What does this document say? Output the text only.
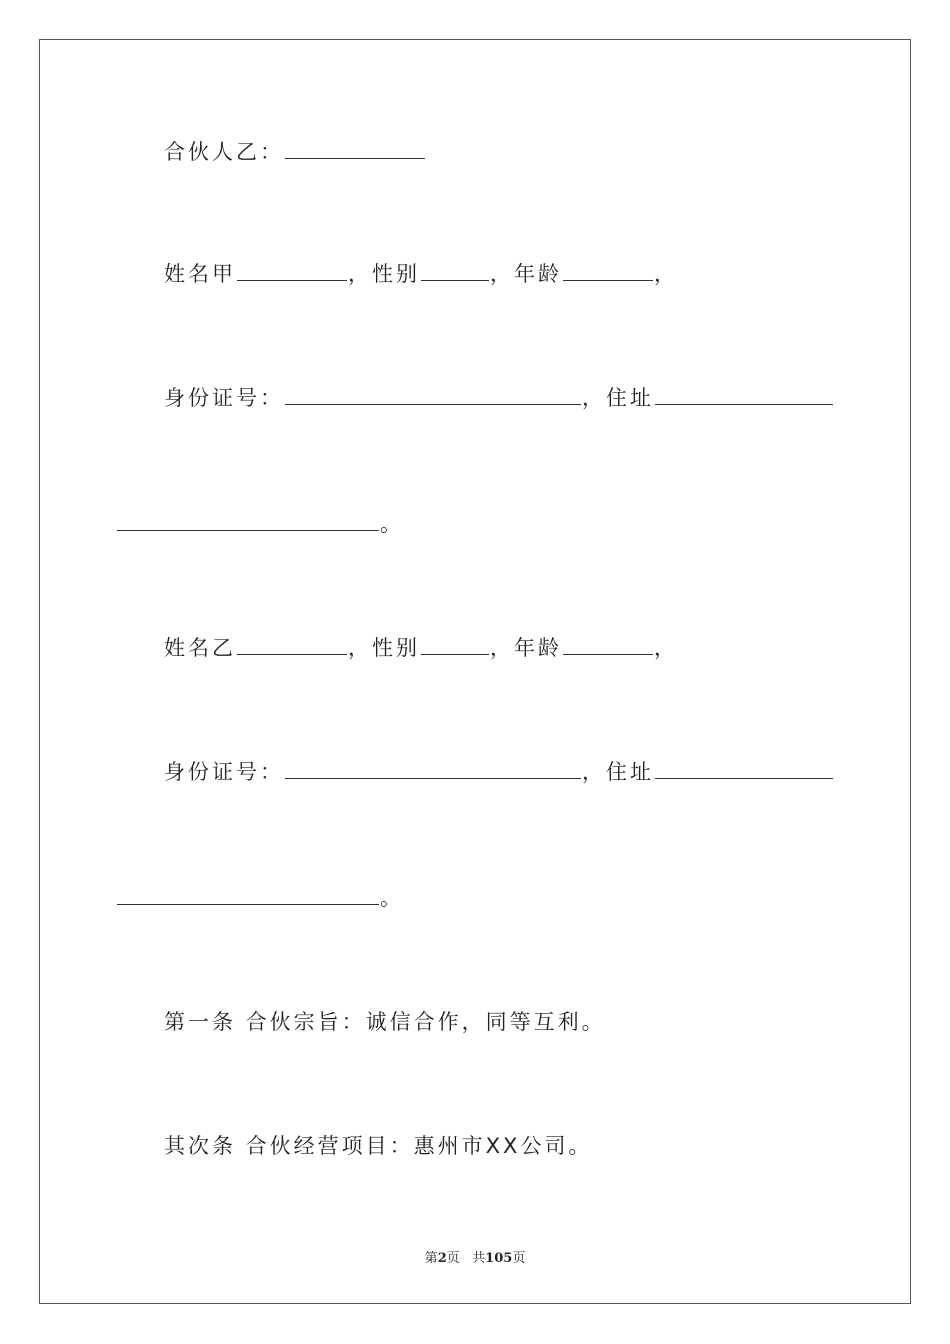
合伙人乙：
姓名甲	，性别	，年龄	，
身份证号：	，住址
。
姓名乙	，性别	，年龄	，
身份证号：	，住址
。
第一条 合伙宗旨：诚信合作，同等互利。
其次条 合伙经营项目：惠州市XX公司。
第2页 共105页
